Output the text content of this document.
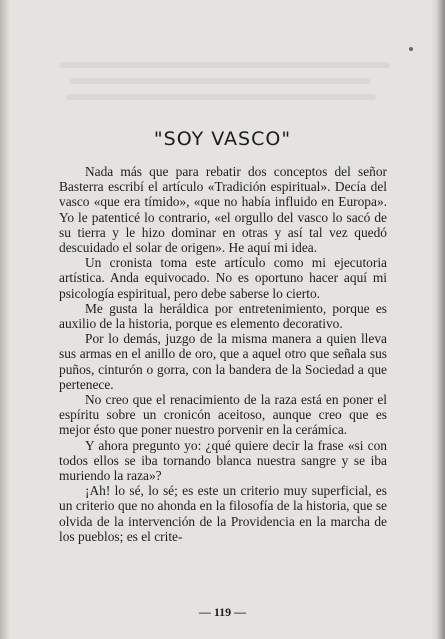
"SOY VASCO"

Nada más que para rebatir dos conceptos del señor Basterra escribí el artículo «Tradición espiritual». Decía del vasco «que era tímido», «que no había influido en Europa». Yo le patenticé lo contrario, «el orgullo del vasco lo sacó de su tierra y le hizo dominar en otras y así tal vez quedó descuidado el solar de origen». He aquí mi idea.

Un cronista toma este artículo como mi ejecutoria artística. Anda equivocado. No es oportuno hacer aquí mi psicología espiritual, pero debe saberse lo cierto.

Me gusta la heráldica por entretenimiento, porque es auxilio de la historia, porque es elemento decorativo.

Por lo demás, juzgo de la misma manera a quien lleva sus armas en el anillo de oro, que a aquel otro que señala sus puños, cinturón o gorra, con la bandera de la Sociedad a que pertenece.

No creo que el renacimiento de la raza está en poner el espíritu sobre un cronicón aceitoso, aunque creo que es mejor ésto que poner nuestro porvenir en la cerámica.

Y ahora pregunto yo: ¿qué quiere decir la frase «si con todos ellos se iba tornando blanca nuestra sangre y se iba muriendo la raza»?

¡Ah! lo sé, lo sé; es este un criterio muy superficial, es un criterio que no ahonda en la filosofía de la historia, que se olvida de la intervención de la Providencia en la marcha de los pueblos; es el crite-

— 119 —
